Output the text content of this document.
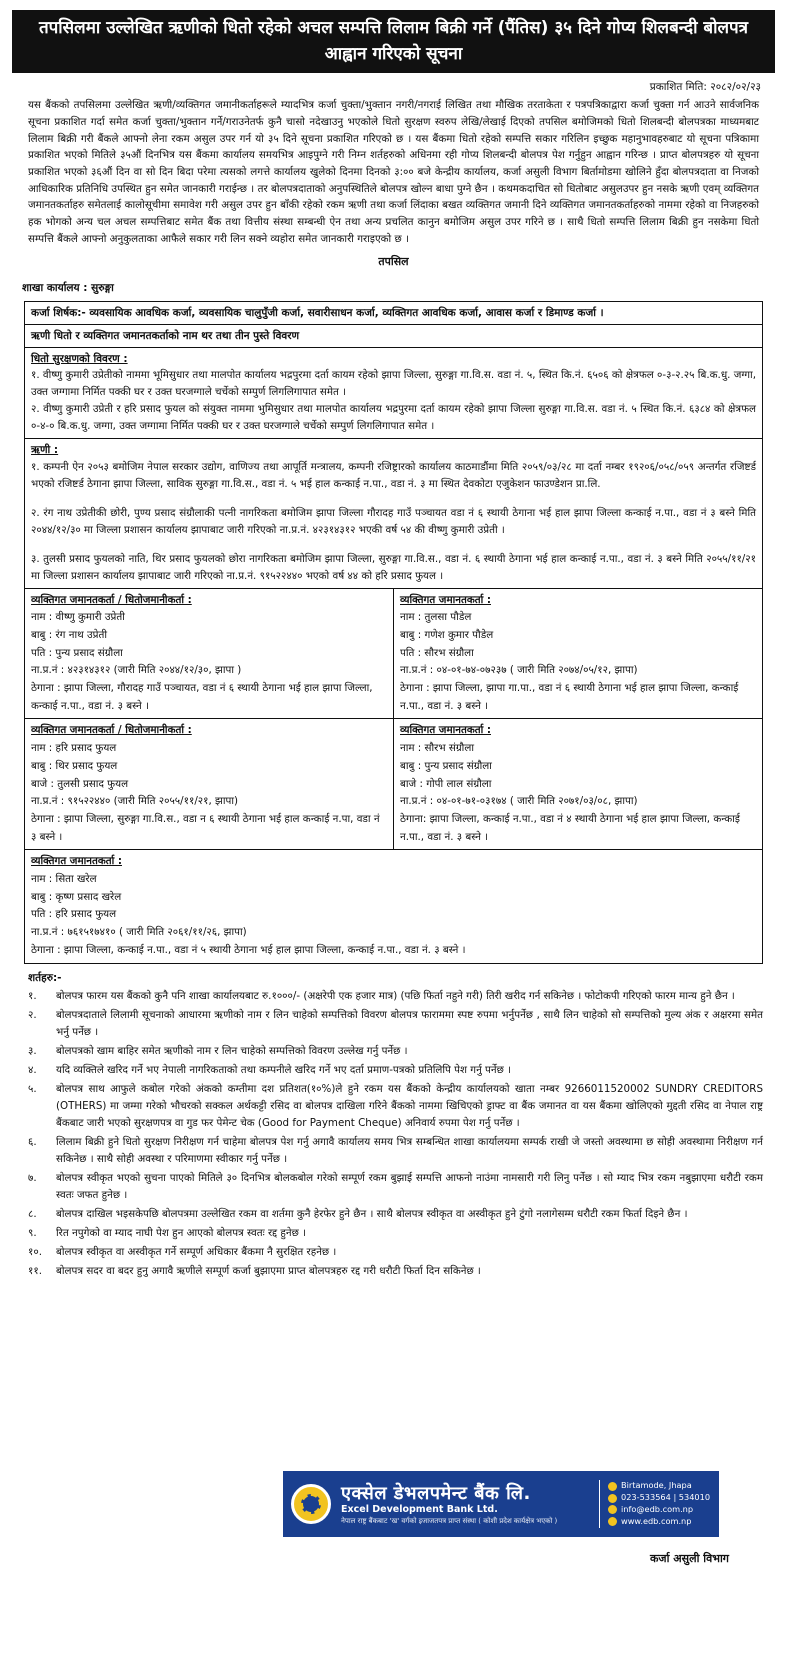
तपसिलमा उल्लेखित ऋणीको धितो रहेको अचल सम्पत्ति लिलाम बिक्री गर्ने (पैंतिस) ३५ दिने गोप्य शिलबन्दी बोलपत्र आह्वान गरिएको सूचना
प्रकाशित मिति: २०८२/०२/२३

यस बैंकको तपसिलमा उल्लेखित ऋणी/व्यक्तिगत जमानीकर्ताहरूले म्यादभित्र कर्जा चुक्ता/भुक्तान नगरी/नगराई लिखित तथा मौखिक तरताकेता र पत्रपत्रिकाद्वारा कर्जा चुक्ता गर्न आउने सार्वजनिक सूचना प्रकाशित गर्दा समेत कर्जा चुक्ता/भुक्तान गर्ने/गराउनेतर्फ कुनै चासो नदेखाउनु भएकोले धितो सुरक्षण स्वरुप लेखि/लेखाई दिएको तपसिल बमोजिमको धितो शिलबन्दी बोलपत्रका माध्यमबाट लिलाम बिक्री गरी बैंकले आफ्नो लेना रकम असुल उपर गर्न यो ३५ दिने सूचना प्रकाशित गरिएको छ । यस बैंकमा धितो रहेको सम्पत्ति सकार गरिलिन इच्छुक महानुभावहरुबाट यो सूचना पत्रिकामा प्रकाशित भएको मितिले ३५औं दिनभित्र यस बैंकमा कार्यालय समयभित्र आइपुग्ने गरी निम्न शर्तहरुको अधिनमा रही गोप्य शिलबन्दी बोलपत्र पेश गर्नुहुन आह्वान गरिन्छ । प्राप्त बोलपत्रहरु यो सूचना प्रकाशित भएको ३६औं दिन वा सो दिन बिदा परेमा त्यसको लगत्ते कार्यालय खुलेको दिनमा दिनको ३:०० बजे केन्द्रीय कार्यालय, कर्जा असुली विभाग बिर्तामोडमा खोलिने हुँदा बोलपत्रदाता वा निजको आधिकारिक प्रतिनिधि उपस्थित हुन समेत जानकारी गराईन्छ । तर बोलपत्रदाताको अनुपस्थितिले बोलपत्र खोल्न बाधा पुग्ने छैन । कथमकदाचित सो धितोबाट असुलउपर हुन नसके ऋणी एवम् व्यक्तिगत जमानतकर्ताहरु समेतलाई कालोसूचीमा समावेश गरी असुल उपर हुन बाँकी रहेको रकम ऋणी तथा कर्जा लिंदाका बखत व्यक्तिगत जमानी दिने व्यक्तिगत जमानतकर्ताहरुको नाममा रहेको वा निजहरुको हक भोगको अन्य चल अचल सम्पत्तिबाट समेत बैंक तथा वित्तीय संस्था सम्बन्धी ऐन तथा अन्य प्रचलित कानुन बमोजिम असुल उपर गरिने छ । साथै धितो सम्पत्ति लिलाम बिक्री हुन नसकेमा धितो सम्पत्ति बैंकले आफ्नो अनुकुलताका आफैले सकार गरी लिन सक्ने व्यहोरा समेत जानकारी गराइएको छ ।

तपसिल
शाखा कार्यालय : सुरुङ्गा
कर्जा शिर्षक:- व्यवसायिक आवधिक कर्जा, व्यवसायिक चालुपुँजी कर्जा, सवारीसाधन कर्जा, व्यक्तिगत आवधिक कर्जा, आवास कर्जा र डिमाण्ड कर्जा ।
ऋणी धितो र व्यक्तिगत जमानतकर्ताको नाम थर तथा तीन पुस्ते विवरण
धितो सुरक्षणको विवरण :

१. वीष्णु कुमारी उप्रेतीको नाममा भूमिसुधार तथा मालपोत कार्यालय भद्रपुरमा दर्ता कायम रहेको झापा जिल्ला, सुरुङ्गा गा.वि.स. वडा नं. ५, स्थित कि.नं. ६५०६ को क्षेत्रफल ०-३-२.२५ बि.क.धु. जग्गा, उक्त जग्गामा निर्मित पक्की घर र उक्त घरजग्गाले चर्चेको सम्पुर्ण लिगलिगापात समेत ।

२. वीष्णु कुमारी उप्रेती र हरि प्रसाद फुयल को संयुक्त नाममा भुमिसुधार तथा मालपोत कार्यालय भद्रपुरमा दर्ता कायम रहेको झापा जिल्ला सुरुङ्गा गा.वि.स. वडा नं. ५ स्थित कि.नं. ६३८४ को क्षेत्रफल ०-४-० बि.क.धु. जग्गा, उक्त जग्गामा निर्मित पक्की घर र उक्त घरजग्गाले चर्चेको सम्पुर्ण लिगलिगापात समेत ।

ऋणी :

१. कम्पनी ऐन २०५३ बमोजिम नेपाल सरकार उद्योग, वाणिज्य तथा आपूर्ति मन्त्रालय, कम्पनी रजिष्ट्रारको कार्यालय काठमाडौंमा मिति २०५९/०३/२८ मा दर्ता नम्बर १९२०६/०५८/०५९ अन्तर्गत रजिष्टर्ड भएको रजिष्टर्ड ठेगाना झापा जिल्ला, साविक सुरुङ्गा गा.वि.स., वडा नं. ५ भई हाल कन्काई न.पा., वडा नं. ३ मा स्थित देवकोटा एजुकेशन फाउण्डेशन प्रा.लि.

२. रंग नाथ उप्रेतीकी छोरी, पुण्य प्रसाद संग्रौलाकी पत्नी नागरिकता बमोजिम झापा जिल्ला गौरादह गाउँ पञ्चायत वडा नं ६ स्थायी ठेगाना भई हाल झापा जिल्ला कन्काई न.पा., वडा नं ३ बस्ने मिति २०४४/१२/३० मा जिल्ला प्रशासन कार्यालय झापाबाट जारी गरिएको ना.प्र.नं. ४२३१४३१२ भएकी वर्ष ५४ की वीष्णु कुमारी उप्रेती ।

३. तुलसी प्रसाद फुयलको नाति, थिर प्रसाद फुयलको छोरा नागरिकता बमोजिम झापा जिल्ला, सुरुङ्गा गा.वि.स., वडा नं. ६ स्थायी ठेगाना भई हाल कन्काई न.पा., वडा नं. ३ बस्ने मिति २०५५/११/२१ मा जिल्ला प्रशासन कार्यालय झापाबाट जारी गरिएको ना.प्र.नं. ९१५२२४४० भएको वर्ष ४४ को हरि प्रसाद फुयल ।

व्यक्तिगत जमानतकर्ता / धितोजमानीकर्ता :
नाम : वीष्णु कुमारी उप्रेती
बाबु : रंग नाथ उप्रेती
पति : पुन्य प्रसाद संग्रौला
ना.प्र.नं : ४२३१४३१२ (जारी मिति २०४४/१२/३०, झापा )
ठेगाना : झापा जिल्ला, गौरादह गाउँ पञ्चायत, वडा नं ६ स्थायी ठेगाना भई हाल झापा जिल्ला, कन्काई न.पा., वडा नं. ३ बस्ने ।
व्यक्तिगत जमानतकर्ता :
नाम : तुलसा पौडेल
बाबु : गणेश कुमार पौडेल
पति : सौरभ संग्रौला
ना.प्र.नं : ०४-०१-७४-०७२३७ ( जारी मिति २०७४/०५/१२, झापा)
ठेगाना : झापा जिल्ला, झापा गा.पा., वडा नं ६ स्थायी ठेगाना भई हाल झापा जिल्ला, कन्काई न.पा., वडा नं. ३ बस्ने ।
व्यक्तिगत जमानतकर्ता / धितोजमानीकर्ता :
नाम : हरि प्रसाद फुयल
बाबु : थिर प्रसाद फुयल
बाजे : तुलसी प्रसाद फुयल
ना.प्र.नं : ९१५२२४४० (जारी मिति २०५५/११/२१, झापा)
ठेगाना : झापा जिल्ला, सुरुङ्गा गा.वि.स., वडा न ६ स्थायी ठेगाना भई हाल कन्काई न.पा, वडा नं ३ बस्ने ।
व्यक्तिगत जमानतकर्ता :
नाम : सौरभ संग्रौला
बाबु : पुन्य प्रसाद संग्रौला
बाजे : गोपी लाल संग्रौला
ना.प्र.नं : ०४-०१-७१-०३१७४ ( जारी मिति २०७१/०३/०८, झापा)
ठेगाना: झापा जिल्ला, कन्काई न.पा., वडा नं ४ स्थायी ठेगाना भई हाल झापा जिल्ला, कन्काई न.पा., वडा नं. ३ बस्ने ।
व्यक्तिगत जमानतकर्ता :
नाम : सिता खरेल
बाबु : कृष्ण प्रसाद खरेल
पति : हरि प्रसाद फुयल
ना.प्र.नं : ७६१५१७४१० ( जारी मिति २०६१/११/२६, झापा)
ठेगाना : झापा जिल्ला, कन्काई न.पा., वडा नं ५ स्थायी ठेगाना भई हाल झापा जिल्ला, कन्काई न.पा., वडा नं. ३ बस्ने ।
शर्तहरु:-
१.	बोलपत्र फारम यस बैंकको कुनै पनि शाखा कार्यालयबाट रु.१०००/- (अक्षरेपी एक हजार मात्र) (पछि फिर्ता नहुने गरी) तिरी खरीद गर्न सकिनेछ । फोटोकपी गरिएको फारम मान्य हुने छैन ।
२.	बोलपत्रदाताले लिलामी सूचनाको आधारमा ऋणीको नाम र लिन चाहेको सम्पत्तिको विवरण बोलपत्र फाराममा स्पष्ट रुपमा भर्नुपर्नेछ , साथै लिन चाहेको सो सम्पत्तिको मुल्य अंक र अक्षरमा समेत भर्नु पर्नेछ ।
३.	बोलपत्रको खाम बाहिर समेत ऋणीको नाम र लिन चाहेको सम्पत्तिको विवरण उल्लेख गर्नु पर्नेछ ।
४.	यदि व्यक्तिले खरिद गर्ने भए नेपाली नागरिकताको तथा कम्पनीले खरिद गर्ने भए दर्ता प्रमाण-पत्रको प्रतिलिपि पेश गर्नु पर्नेछ ।
५.	बोलपत्र साथ आफुले कबोल गरेको अंकको कम्तीमा दश प्रतिशत(१०%)ले हुने रकम यस बैंकको केन्द्रीय कार्यालयको खाता नम्बर 9266011520002 SUNDRY CREDITORS (OTHERS) मा जम्मा गरेको भौचरको सक्कल अर्थकट्टी रसिद वा बोलपत्र दाखिला गरिने बैंकको नाममा खिचिएको ड्राफ्ट वा बैंक जमानत वा यस बैंकमा खोलिएको मुद्दती रसिद वा नेपाल राष्ट्र बैंकबाट जारी भएको सुरक्षणपत्र वा गुड फर पेमेन्ट चेक (Good for Payment Cheque) अनिवार्य रुपमा पेश गर्नु पर्नेछ ।
६.	लिलाम बिक्री हुने धितो सुरक्षण निरीक्षण गर्न चाहेमा बोलपत्र पेश गर्नु अगावै कार्यालय समय भित्र सम्बन्धित शाखा कार्यालयमा सम्पर्क राखी जे जस्तो अवस्थामा छ सोही अवस्थामा निरीक्षण गर्न सकिनेछ । साथै सोही अवस्था र परिमाणमा स्वीकार गर्नु पर्नेछ ।
७.	बोलपत्र स्वीकृत भएको सुचना पाएको मितिले ३० दिनभित्र बोलकबोल गरेको सम्पूर्ण रकम बुझाई सम्पत्ति आफनो नाउंमा नामसारी गरी लिनु पर्नेछ । सो म्याद भित्र रकम नबुझाएमा धरौटी रकम स्वतः जफत हुनेछ ।
८.	बोलपत्र दाखिल भइसकेपछि बोलपत्रमा उल्लेखित रकम वा शर्तमा कुनै हेरफेर हुने छैन । साथै बोलपत्र स्वीकृत वा अस्वीकृत हुने टुंगो नलागेसम्म धरौटी रकम फिर्ता दिइने छैन ।
९.	रित नपुगेको वा म्याद नाघी पेश हुन आएको बोलपत्र स्वतः रद्द हुनेछ ।
१०.	बोलपत्र स्वीकृत वा अस्वीकृत गर्ने सम्पूर्ण अधिकार बैंकमा नै सुरक्षित रहनेछ ।
११.	बोलपत्र सदर वा बदर हुनु अगावै ऋणीले सम्पूर्ण कर्जा बुझाएमा प्राप्त बोलपत्रहरु रद्द गरी धरौटी फिर्ता दिन सकिनेछ ।
एक्सेल डेभलपमेन्ट बैंक लि.
Excel Development Bank Ltd.
नेपाल राष्ट्र बैंकबाट 'ख' वर्गको इजाजतपत्र प्राप्त संस्था ( कोशी प्रदेश कार्यक्षेत्र भएको )
Birtamode, Jhapa
023-533564 | 534010
info@edb.com.np
www.edb.com.np
कर्जा असुली विभाग
